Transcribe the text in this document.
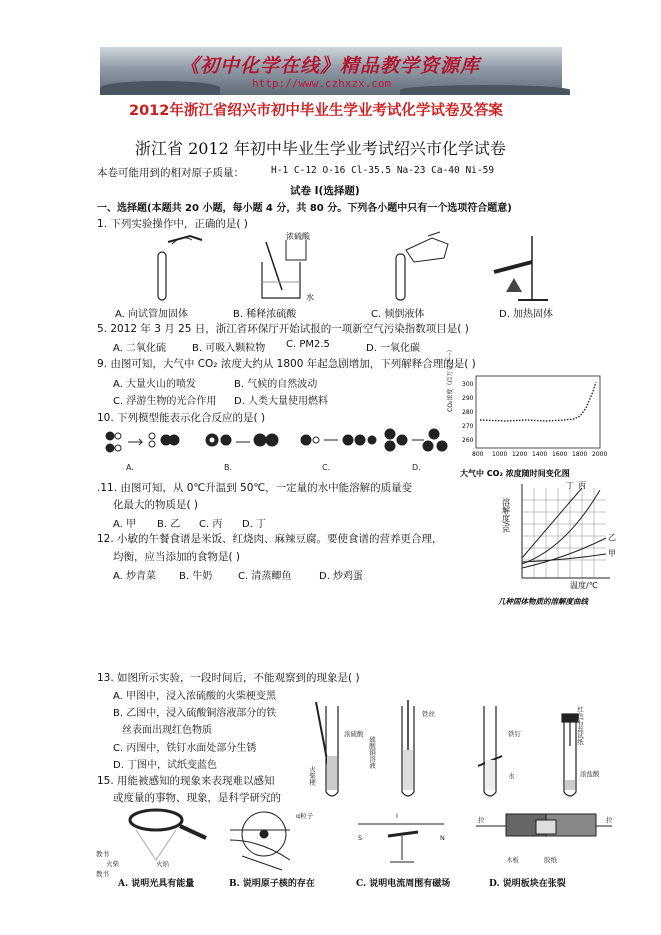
《初中化学在线》精品教学资源库
http://www.czhxzx.com
2012年浙江省绍兴市初中毕业生学业考试化学试卷及答案
浙江省 2012 年初中毕业生学业考试绍兴市化学试卷
本卷可能用到的相对原子质量：	H-1 C-12 O-16 Cl-35.5 Na-23 Ca-40 Ni-59
试卷 I(选择题)
一、选择题(本题共 20 小题，每小题 4 分，共 80 分。下列各小题中只有一个选项符合题意)
1. 下列实验操作中，正确的是( )
浓硫酸
水
A. 向试管加固体	B. 稀释浓硫酸	C. 倾倒液体	D. 加热固体
5. 2012 年 3 月 25 日，浙江省环保厅开始试报的一项新空气污染指数项目是( )
A. 二氧化硫	B. 可吸入颗粒物 C. PM2.5	D. 一氧化碳
9. 由图可知，大气中 CO₂ 浓度大约从 1800 年起急剧增加，下列解释合理的是( )
A. 大量火山的喷发	B. 气候的自然波动
C. 浮游生物的光合作用 D. 人类大量使用燃料	CO₂浓度（百万分之一） 300
290
280
270
260
800 1000 1200 1400 1600 1800 2000
大气中 CO₂ 浓度随时间变化图
10. 下列模型能表示化合反应的是( )
A.	B.	C.	D.
.11. 由图可知，从 0℃升温到 50℃，一定量的水中能溶解的质量变
化最大的物质是( )
A. 甲 B. 乙 C. 丙 D. 丁	溶解度/克
丁 丙
乙
甲
温度/℃
几种固体物质的溶解度曲线
12. 小敏的午餐食谱是米饭、红烧肉、麻辣豆腐。要使食谱的营养更合理，
均衡，应当添加的食物是( )
A. 炒青菜 B. 牛奶	C. 清蒸鲫鱼	D. 炒鸡蛋
13. 如图所示实验，一段时间后，不能观察到的现象是( )
A. 甲图中，浸入浓硫酸的火柴梗变黑
B. 乙图中，浸入硫酸铜溶液部分的铁
丝表面出现红色物质
C. 丙图中，铁钉水面处部分生锈
D. 丁图中，试纸变蓝色
火柴梗
浓硫酸
铁丝
硫酸铜溶液
铁钉
水
红色石蕊试纸
浓盐酸
15. 用能被感知的现象来表现难以感知
或度量的事物、现象，是科学研究的
α粒子
S	N
I	拉	拉
木板	胶纸
火柴	火焰
教书
教书
A. 说明光具有能量	B. 说明原子核的存在	C. 说明电流周围有磁场	D. 说明板块在张裂
